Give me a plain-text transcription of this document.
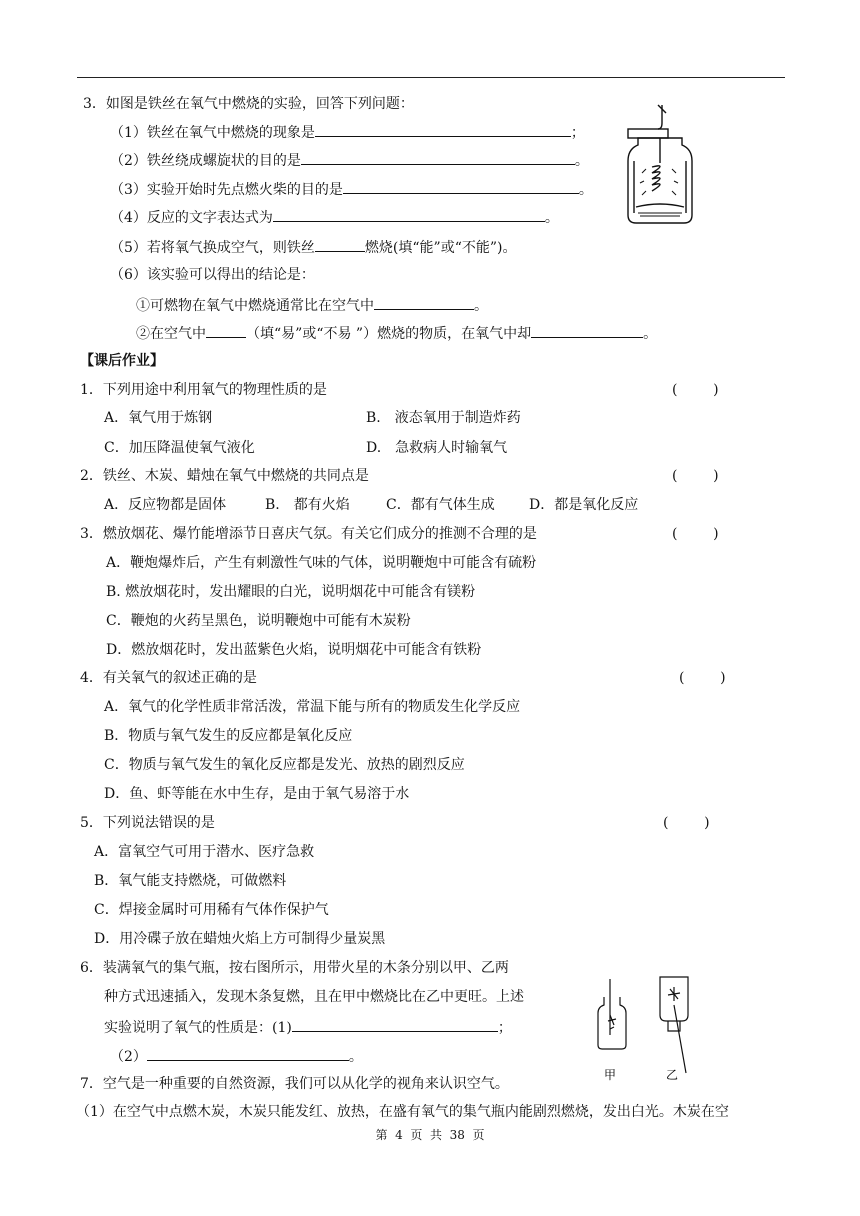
3．如图是铁丝在氧气中燃烧的实验，回答下列问题：
（1）铁丝在氧气中燃烧的现象是	；
（2）铁丝绕成螺旋状的目的是	。
（3）实验开始时先点燃火柴的目的是	。
（4）反应的文字表达式为	。
（5）若将氧气换成空气，则铁丝	燃烧(填“能”或“不能”)。
（6）该实验可以得出的结论是：
①可燃物在氧气中燃烧通常比在空气中	。
②在空气中	（填“易”或“不易 ”）燃烧的物质，在氧气中却	。
【课后作业】
1．下列用途中利用氧气的物理性质的是	(        )
A．氧气用于炼钢	B.　液态氧用于制造炸药
C．加压降温使氧气液化	D.　急救病人时输氧气
2．铁丝、木炭、蜡烛在氧气中燃烧的共同点是	(        )
A．反应物都是固体	B.　都有火焰	C．都有气体生成 D．都是氧化反应
3．燃放烟花、爆竹能增添节日喜庆气氛。有关它们成分的推测不合理的是	(        )
A．鞭炮爆炸后，产生有刺激性气味的气体，说明鞭炮中可能含有硫粉
B. 燃放烟花时，发出耀眼的白光，说明烟花中可能含有镁粉
C．鞭炮的火药呈黑色，说明鞭炮中可能有木炭粉
D．燃放烟花时，发出蓝紫色火焰，说明烟花中可能含有铁粉
4．有关氧气的叙述正确的是	(        )
A．氧气的化学性质非常活泼，常温下能与所有的物质发生化学反应
B．物质与氧气发生的反应都是氧化反应
C．物质与氧气发生的氧化反应都是发光、放热的剧烈反应
D．鱼、虾等能在水中生存，是由于氧气易溶于水
5．下列说法错误的是	(        )
A．富氧空气可用于潜水、医疗急救
B．氧气能支持燃烧，可做燃料
C．焊接金属时可用稀有气体作保护气
D．用冷碟子放在蜡烛火焰上方可制得少量炭黑
6．装满氧气的集气瓶，按右图所示，用带火星的木条分别以甲、乙两
种方式迅速插入，发现木条复燃，且在甲中燃烧比在乙中更旺。上述
实验说明了氧气的性质是：(1)	；
（2）	。
甲	乙
7．空气是一种重要的自然资源，我们可以从化学的视角来认识空气。
（1）在空气中点燃木炭，木炭只能发红、放热，在盛有氧气的集气瓶内能剧烈燃烧，发出白光。木炭在空
第  4  页  共  38  页
